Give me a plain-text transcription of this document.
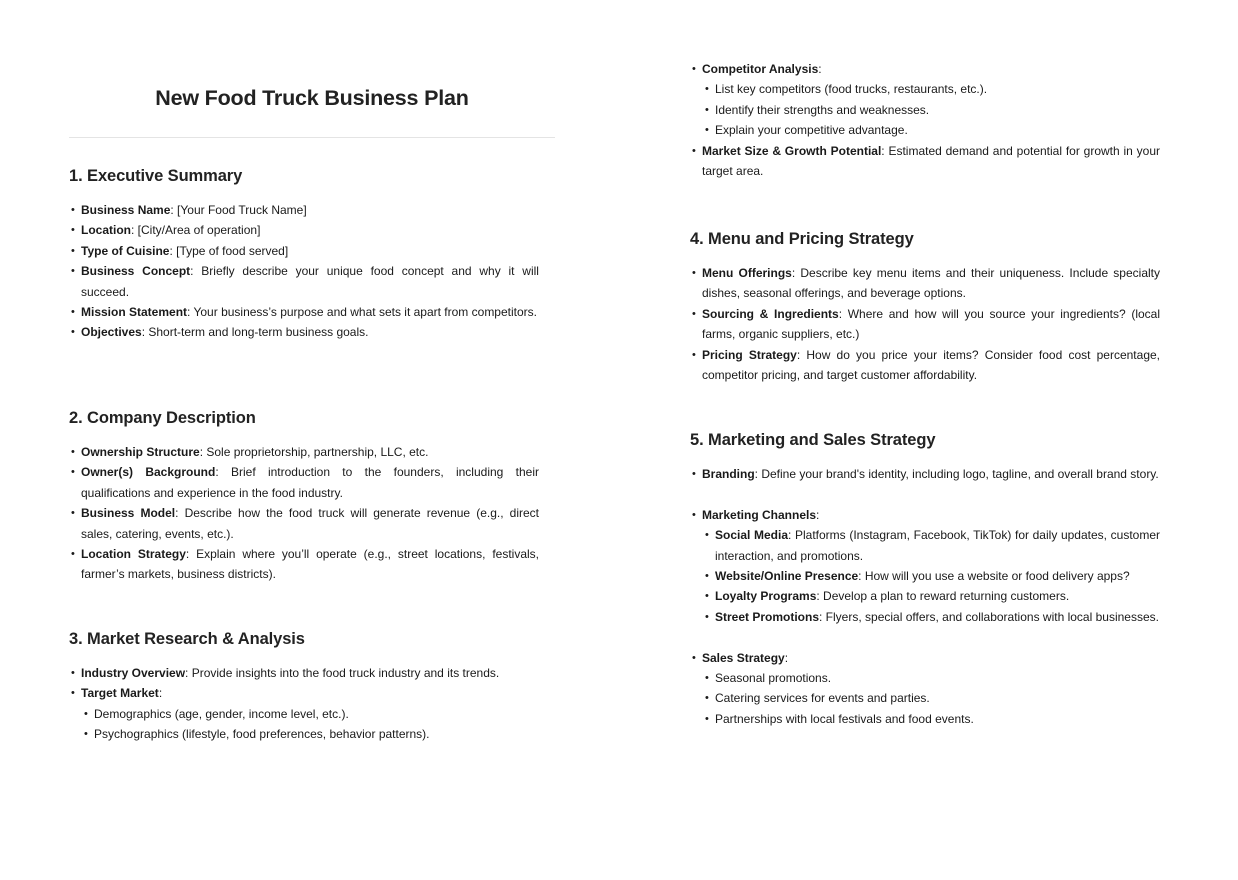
New Food Truck Business Plan
1. Executive Summary
• Business Name: [Your Food Truck Name]
• Location: [City/Area of operation]
• Type of Cuisine: [Type of food served]
• Business Concept: Briefly describe your unique food concept and why it will succeed.
• Mission Statement: Your business’s purpose and what sets it apart from competitors.
• Objectives: Short-term and long-term business goals.
2. Company Description
• Ownership Structure: Sole proprietorship, partnership, LLC, etc.
• Owner(s) Background: Brief introduction to the founders, including their qualifications and experience in the food industry.
• Business Model: Describe how the food truck will generate revenue (e.g., direct sales, catering, events, etc.).
• Location Strategy: Explain where you’ll operate (e.g., street locations, festivals, farmer’s markets, business districts).
3. Market Research & Analysis
• Industry Overview: Provide insights into the food truck industry and its trends.
• Target Market:
• Demographics (age, gender, income level, etc.).
• Psychographics (lifestyle, food preferences, behavior patterns).
• Competitor Analysis:
• List key competitors (food trucks, restaurants, etc.).
• Identify their strengths and weaknesses.
• Explain your competitive advantage.
• Market Size & Growth Potential: Estimated demand and potential for growth in your target area.
4. Menu and Pricing Strategy
• Menu Offerings: Describe key menu items and their uniqueness. Include specialty dishes, seasonal offerings, and beverage options.
• Sourcing & Ingredients: Where and how will you source your ingredients? (local farms, organic suppliers, etc.)
• Pricing Strategy: How do you price your items? Consider food cost percentage, competitor pricing, and target customer affordability.
5. Marketing and Sales Strategy
• Branding: Define your brand's identity, including logo, tagline, and overall brand story.
• Marketing Channels:
• Social Media: Platforms (Instagram, Facebook, TikTok) for daily updates, customer interaction, and promotions.
• Website/Online Presence: How will you use a website or food delivery apps?
• Loyalty Programs: Develop a plan to reward returning customers.
• Street Promotions: Flyers, special offers, and collaborations with local businesses.
• Sales Strategy:
• Seasonal promotions.
• Catering services for events and parties.
• Partnerships with local festivals and food events.
